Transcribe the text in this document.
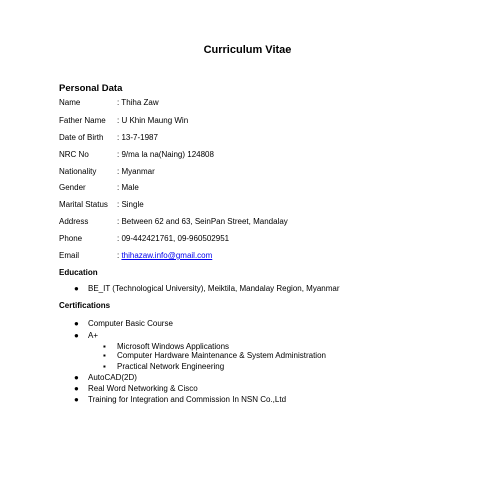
Curriculum Vitae
Personal Data
Name	: Thiha Zaw
Father Name : U Khin Maung Win
Date of Birth : 13-7-1987
NRC No	: 9/ma la na(Naing) 124808
Nationality	: Myanmar
Gender	: Male
Marital Status : Single
Address	: Between 62 and 63, SeinPan Street, Mandalay
Phone	: 09-442421761, 09-960502951
Email	: thihazaw.info@gmail.com
Education
● BE_IT (Technological University), Meiktila, Mandalay Region, Myanmar
Certifications
● Computer Basic Course
● A+
▪ Microsoft Windows Applications
▪ Computer Hardware Maintenance & System Administration
▪ Practical Network Engineering
● AutoCAD(2D)
● Real Word Networking & Cisco
● Training for Integration and Commission In NSN Co.,Ltd
